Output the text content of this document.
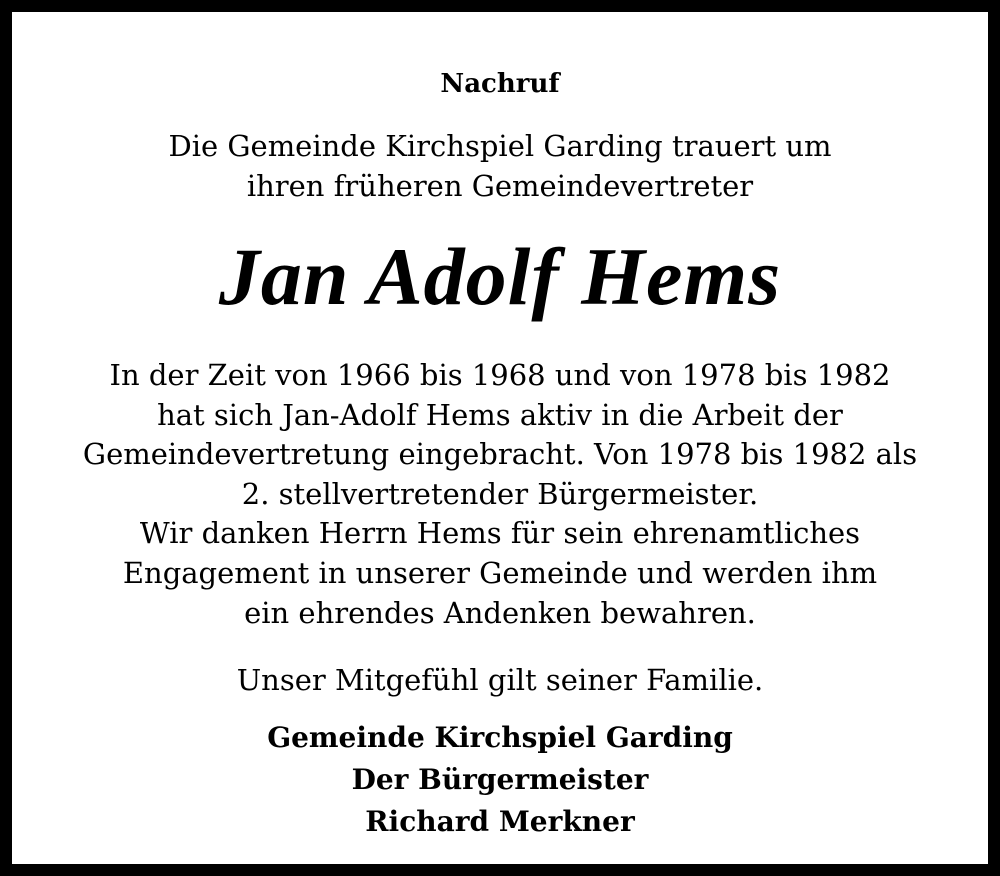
Nachruf
Die Gemeinde Kirchspiel Garding trauert um
ihren früheren Gemeindevertreter
Jan Adolf Hems
In der Zeit von 1966 bis 1968 und von 1978 bis 1982
hat sich Jan-Adolf Hems aktiv in die Arbeit der
Gemeindevertretung eingebracht. Von 1978 bis 1982 als
2. stellvertretender Bürgermeister.
Wir danken Herrn Hems für sein ehrenamtliches
Engagement in unserer Gemeinde und werden ihm
ein ehrendes Andenken bewahren.
Unser Mitgefühl gilt seiner Familie.
Gemeinde Kirchspiel Garding
Der Bürgermeister
Richard Merkner
